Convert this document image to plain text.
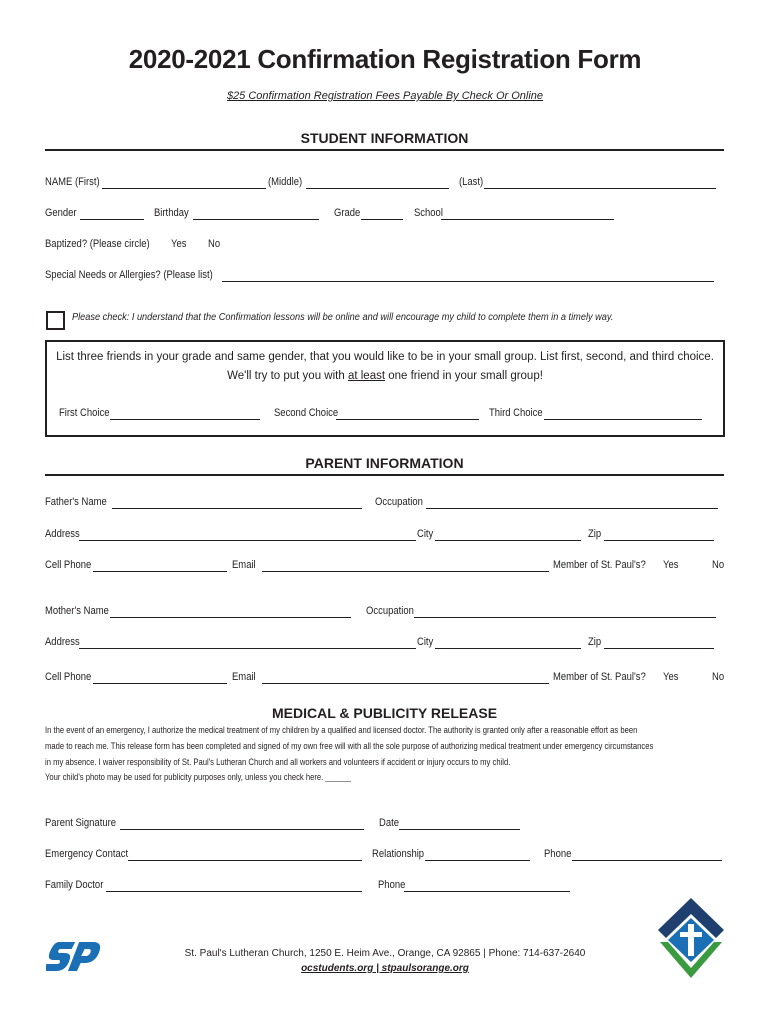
2020-2021 Confirmation Registration Form
$25 Confirmation Registration Fees Payable By Check Or Online
STUDENT INFORMATION
NAME (First)	(Middle)	(Last)
Gender	Birthday	Grade	School
Baptized? (Please circle) Yes No
Special Needs or Allergies? (Please list)
Please check: I understand that the Confirmation lessons will be online and will encourage my child to complete them in a timely way.
List three friends in your grade and same gender, that you would like to be in your small group. List first, second, and third choice.
We'll try to put you with at least one friend in your small group!
First Choice	Second Choice	Third Choice
PARENT INFORMATION
Father's Name	Occupation
Address	City	Zip
Cell Phone	Email	Member of St. Paul's? Yes	No
Mother's Name	Occupation
Address	City	Zip
Cell Phone	Email	Member of St. Paul's? Yes	No
MEDICAL & PUBLICITY RELEASE
In the event of an emergency, I authorize the medical treatment of my children by a qualified and licensed doctor. The authority is granted only after a reasonable effort as been
made to reach me. This release form has been completed and signed of my own free will with all the sole purpose of authorizing medical treatment under emergency circumstances
in my absence. I waiver responsibility of St. Paul's Lutheran Church and all workers and volunteers if accident or injury occurs to my child.
Your child's photo may be used for publicity purposes only, unless you check here. ______
Parent Signature	Date
Emergency Contact	Relationship	Phone
Family Doctor	Phone
St. Paul's Lutheran Church, 1250 E. Heim Ave., Orange, CA 92865 | Phone: 714-637-2640
ocstudents.org | stpaulsorange.org
